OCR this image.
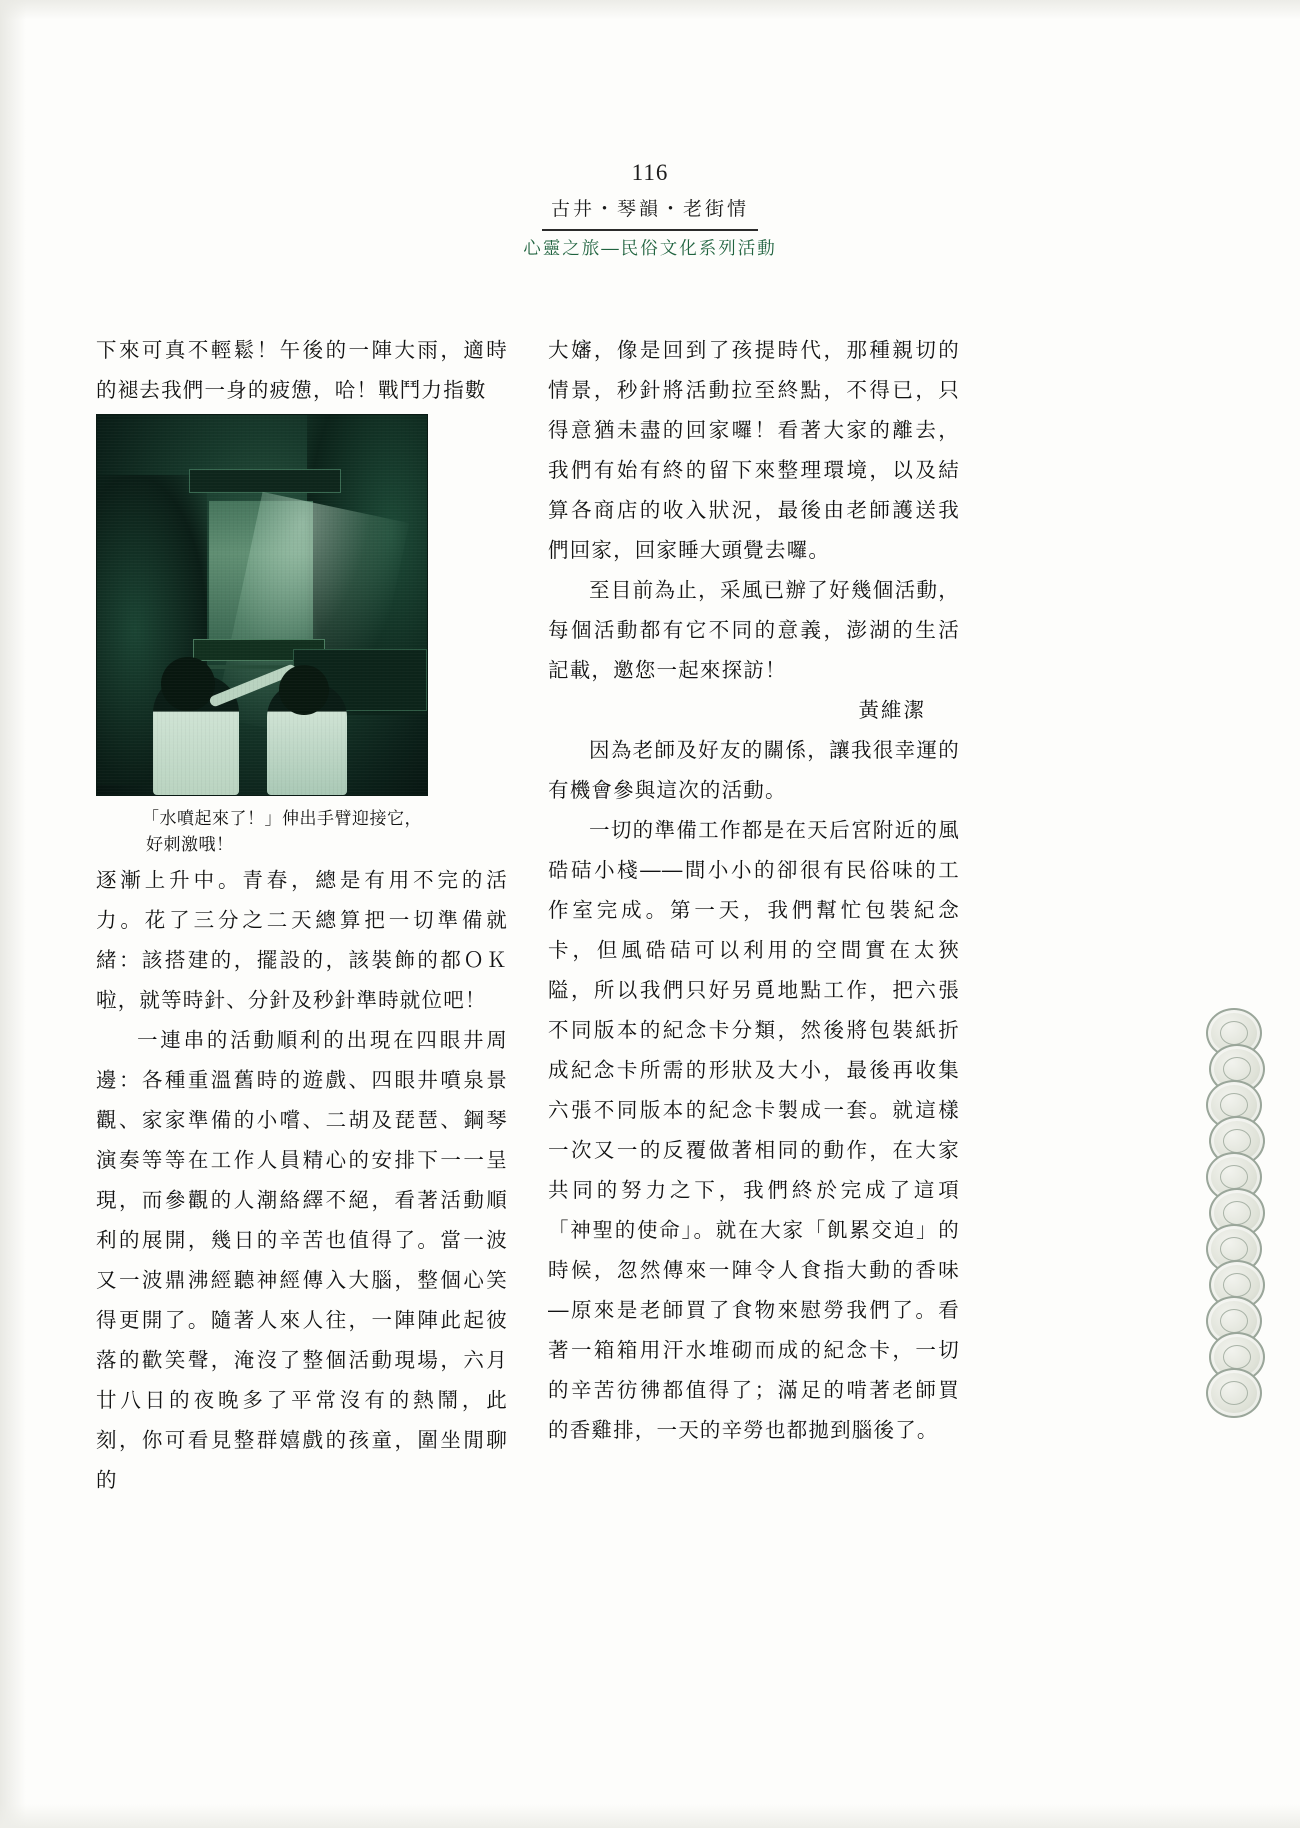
116
古井・琴韻・老街情
心靈之旅―民俗文化系列活動

下來可真不輕鬆！午後的一陣大雨，適時的褪去我們一身的疲憊，哈！戰鬥力指數

「水噴起來了！」伸出手臂迎接它，
好刺激哦！

逐漸上升中。青春，總是有用不完的活力。花了三分之二天總算把一切準備就緒：該搭建的，擺設的，該裝飾的都ＯＫ啦，就等時針、分針及秒針準時就位吧！

一連串的活動順利的出現在四眼井周邊：各種重溫舊時的遊戲、四眼井噴泉景觀、家家準備的小嚐、二胡及琵琶、鋼琴演奏等等在工作人員精心的安排下一一呈現，而參觀的人潮絡繹不絕，看著活動順利的展開，幾日的辛苦也值得了。當一波又一波鼎沸經聽神經傳入大腦，整個心笑得更開了。隨著人來人往，一陣陣此起彼落的歡笑聲，淹沒了整個活動現場，六月廿八日的夜晚多了平常沒有的熱鬧，此刻，你可看見整群嬉戲的孩童，圍坐閒聊的

大嬸，像是回到了孩提時代，那種親切的情景，秒針將活動拉至終點，不得已，只得意猶未盡的回家囉！看著大家的離去，我們有始有終的留下來整理環境，以及結算各商店的收入狀況，最後由老師護送我們回家，回家睡大頭覺去囉。

至目前為止，采風已辦了好幾個活動，每個活動都有它不同的意義，澎湖的生活記載，邀您一起來探訪！

黃維潔

因為老師及好友的關係，讓我很幸運的有機會參與這次的活動。

一切的準備工作都是在天后宮附近的風硞硈小棧――間小小的卻很有民俗味的工作室完成。第一天，我們幫忙包裝紀念卡，但風硞硈可以利用的空間實在太狹隘，所以我們只好另覓地點工作，把六張不同版本的紀念卡分類，然後將包裝紙折成紀念卡所需的形狀及大小，最後再收集六張不同版本的紀念卡製成一套。就這樣一次又一的反覆做著相同的動作，在大家共同的努力之下，我們終於完成了這項「神聖的使命」。就在大家「飢累交迫」的時候，忽然傳來一陣令人食指大動的香味―原來是老師買了食物來慰勞我們了。看著一箱箱用汗水堆砌而成的紀念卡，一切的辛苦彷彿都值得了；滿足的啃著老師買的香雞排，一天的辛勞也都拋到腦後了。
